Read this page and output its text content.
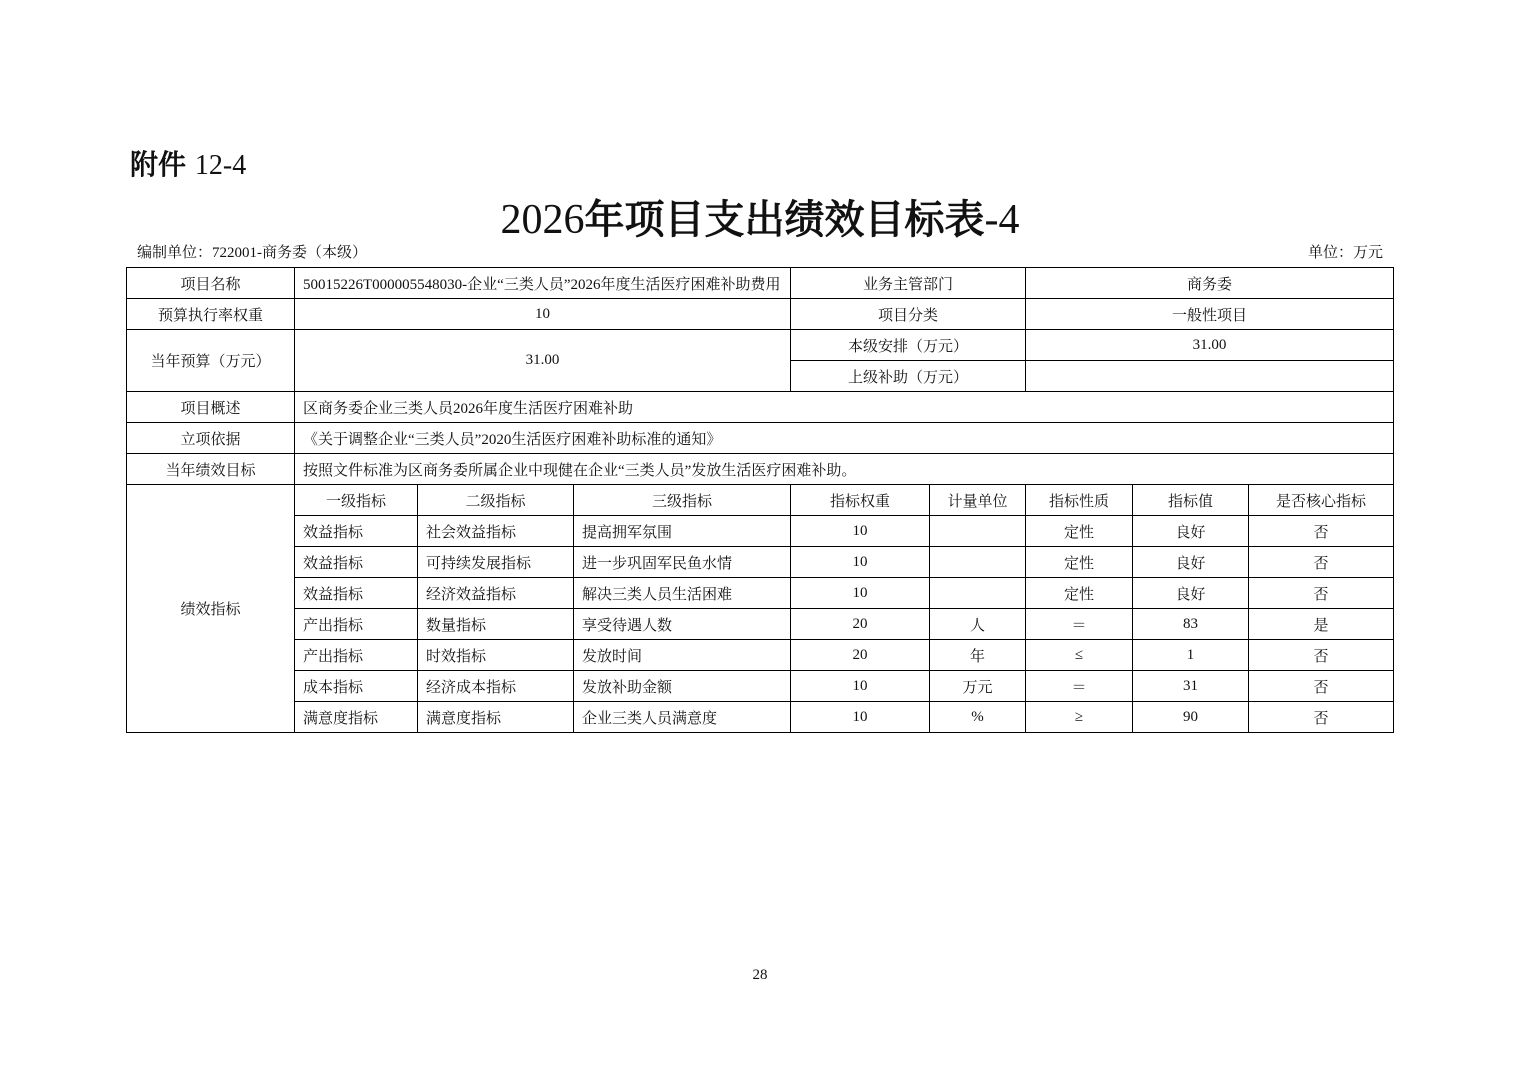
附件 12-4
2026年项目支出绩效目标表-4
编制单位：722001-商务委（本级）	单位：万元
项目名称	50015226T000005548030-企业“三类人员”2026年度生活医疗困难补助费用			业务主管部门		商务委		
预算执行率权重	10			项目分类		一般性项目		
当年预算（万元）	31.00			本级安排（万元）		31.00		
				上级补助（万元）				
项目概述	区商务委企业三类人员2026年度生活医疗困难补助							
立项依据	《关于调整企业“三类人员”2020生活医疗困难补助标准的通知》							
当年绩效目标	按照文件标准为区商务委所属企业中现健在企业“三类人员”发放生活医疗困难补助。							
绩效指标	一级指标	二级指标	三级指标	指标权重	计量单位	指标性质	指标值	是否核心指标
	效益指标	社会效益指标	提高拥军氛围	10		定性	良好	否
	效益指标	可持续发展指标	进一步巩固军民鱼水情	10		定性	良好	否
	效益指标	经济效益指标	解决三类人员生活困难	10		定性	良好	否
	产出指标	数量指标	享受待遇人数	20	人	＝	83	是
	产出指标	时效指标	发放时间	20	年	≤	1	否
	成本指标	经济成本指标	发放补助金额	10	万元	＝	31	否
	满意度指标	满意度指标	企业三类人员满意度	10	%	≥	90	否
28
